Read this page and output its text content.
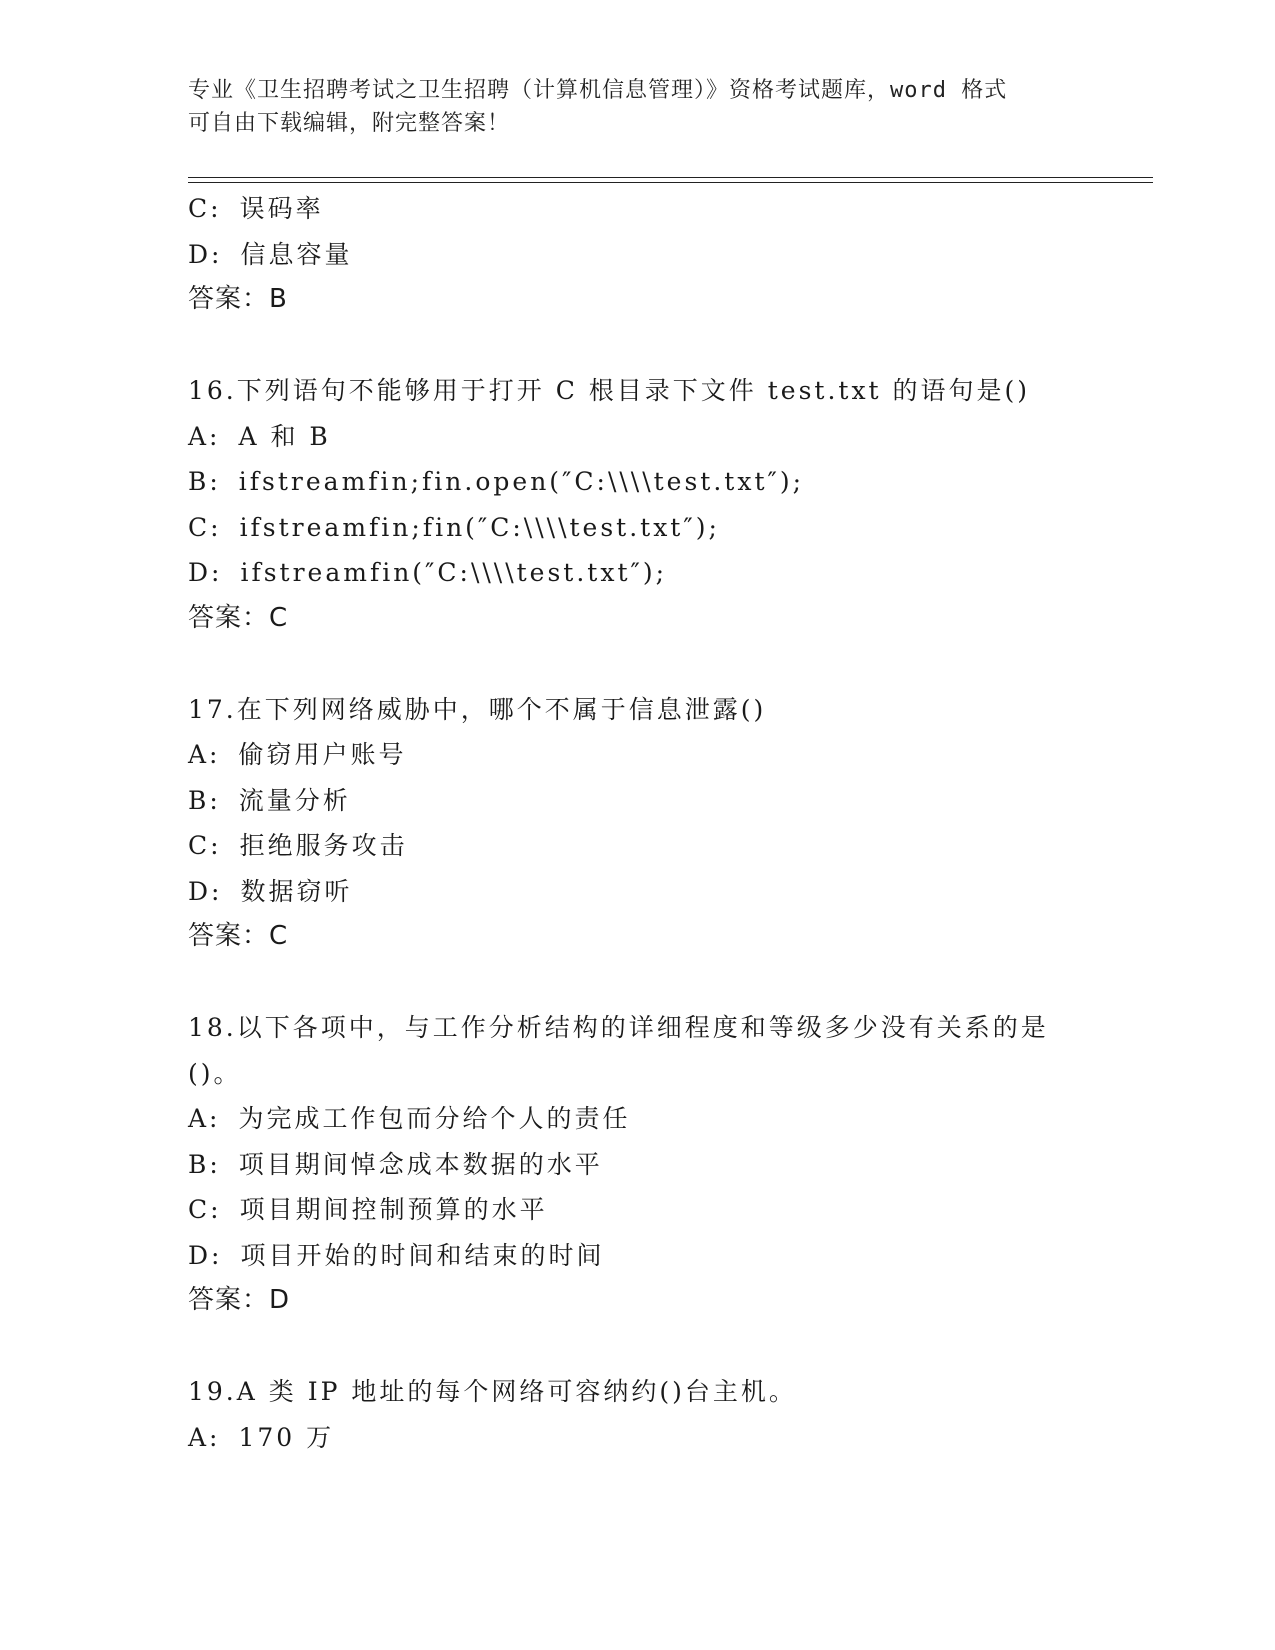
专业《卫生招聘考试之卫生招聘（计算机信息管理）》资格考试题库，word 格式
可自由下载编辑，附完整答案！
C: 误码率
D: 信息容量
答案：B
16.下列语句不能够用于打开 C 根目录下文件 test.txt 的语句是()
A: A 和 B
B: ifstreamfin;fin.open(″C:\\\\test.txt″);
C: ifstreamfin;fin(″C:\\\\test.txt″);
D: ifstreamfin(″C:\\\\test.txt″);
答案：C
17.在下列网络威胁中，哪个不属于信息泄露()
A: 偷窃用户账号
B: 流量分析
C: 拒绝服务攻击
D: 数据窃听
答案：C
18.以下各项中，与工作分析结构的详细程度和等级多少没有关系的是
()。
A: 为完成工作包而分给个人的责任
B: 项目期间悼念成本数据的水平
C: 项目期间控制预算的水平
D: 项目开始的时间和结束的时间
答案：D
19.A 类 IP 地址的每个网络可容纳约()台主机。
A: 170 万
